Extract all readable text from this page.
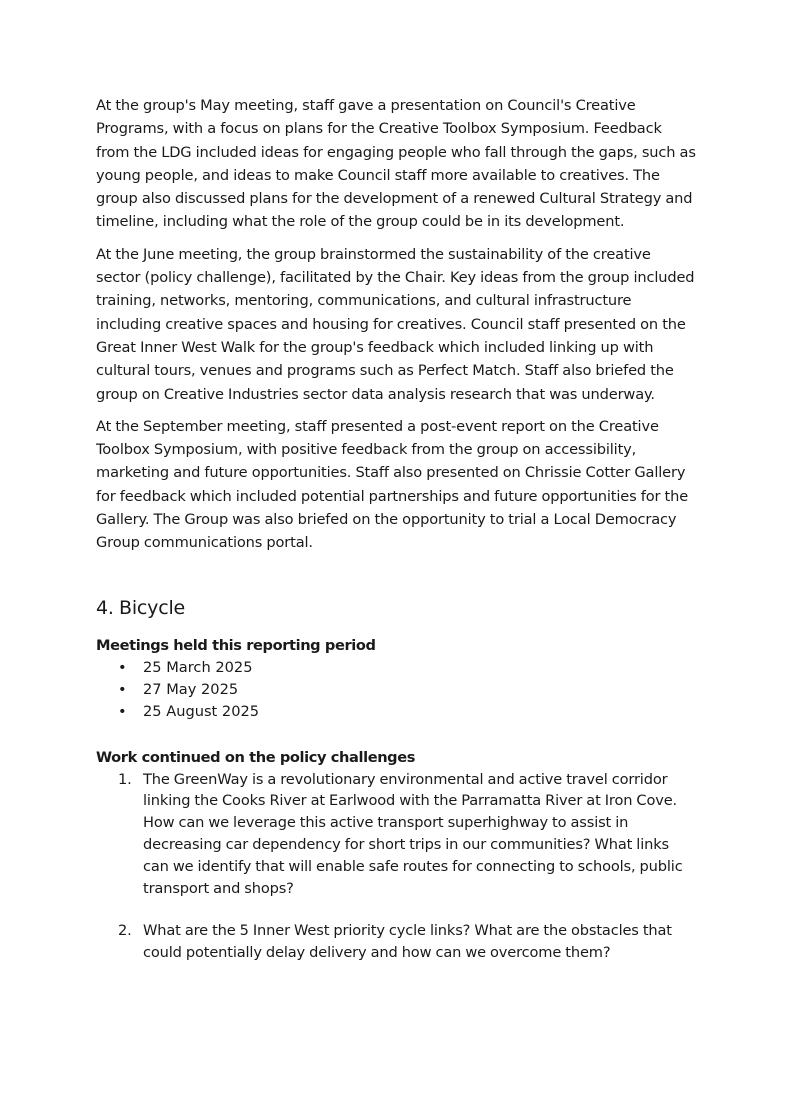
At the group's May meeting, staff gave a presentation on Council's Creative Programs, with a focus on plans for the Creative Toolbox Symposium. Feedback from the LDG included ideas for engaging people who fall through the gaps, such as young people, and ideas to make Council staff more available to creatives. The group also discussed plans for the development of a renewed Cultural Strategy and timeline, including what the role of the group could be in its development.

At the June meeting, the group brainstormed the sustainability of the creative sector (policy challenge), facilitated by the Chair. Key ideas from the group included training, networks, mentoring, communications, and cultural infrastructure including creative spaces and housing for creatives. Council staff presented on the Great Inner West Walk for the group's feedback which included linking up with cultural tours, venues and programs such as Perfect Match. Staff also briefed the group on Creative Industries sector data analysis research that was underway.

At the September meeting, staff presented a post-event report on the Creative Toolbox Symposium, with positive feedback from the group on accessibility, marketing and future opportunities. Staff also presented on Chrissie Cotter Gallery for feedback which included potential partnerships and future opportunities for the Gallery. The Group was also briefed on the opportunity to trial a Local Democracy Group communications portal.

4. Bicycle
Meetings held this reporting period
• 25 March 2025
• 27 May 2025
• 25 August 2025
Work continued on the policy challenges
1. The GreenWay is a revolutionary environmental and active travel corridor linking the Cooks River at Earlwood with the Parramatta River at Iron Cove. How can we leverage this active transport superhighway to assist in decreasing car dependency for short trips in our communities? What links can we identify that will enable safe routes for connecting to schools, public transport and shops?
2. What are the 5 Inner West priority cycle links? What are the obstacles that could potentially delay delivery and how can we overcome them?
